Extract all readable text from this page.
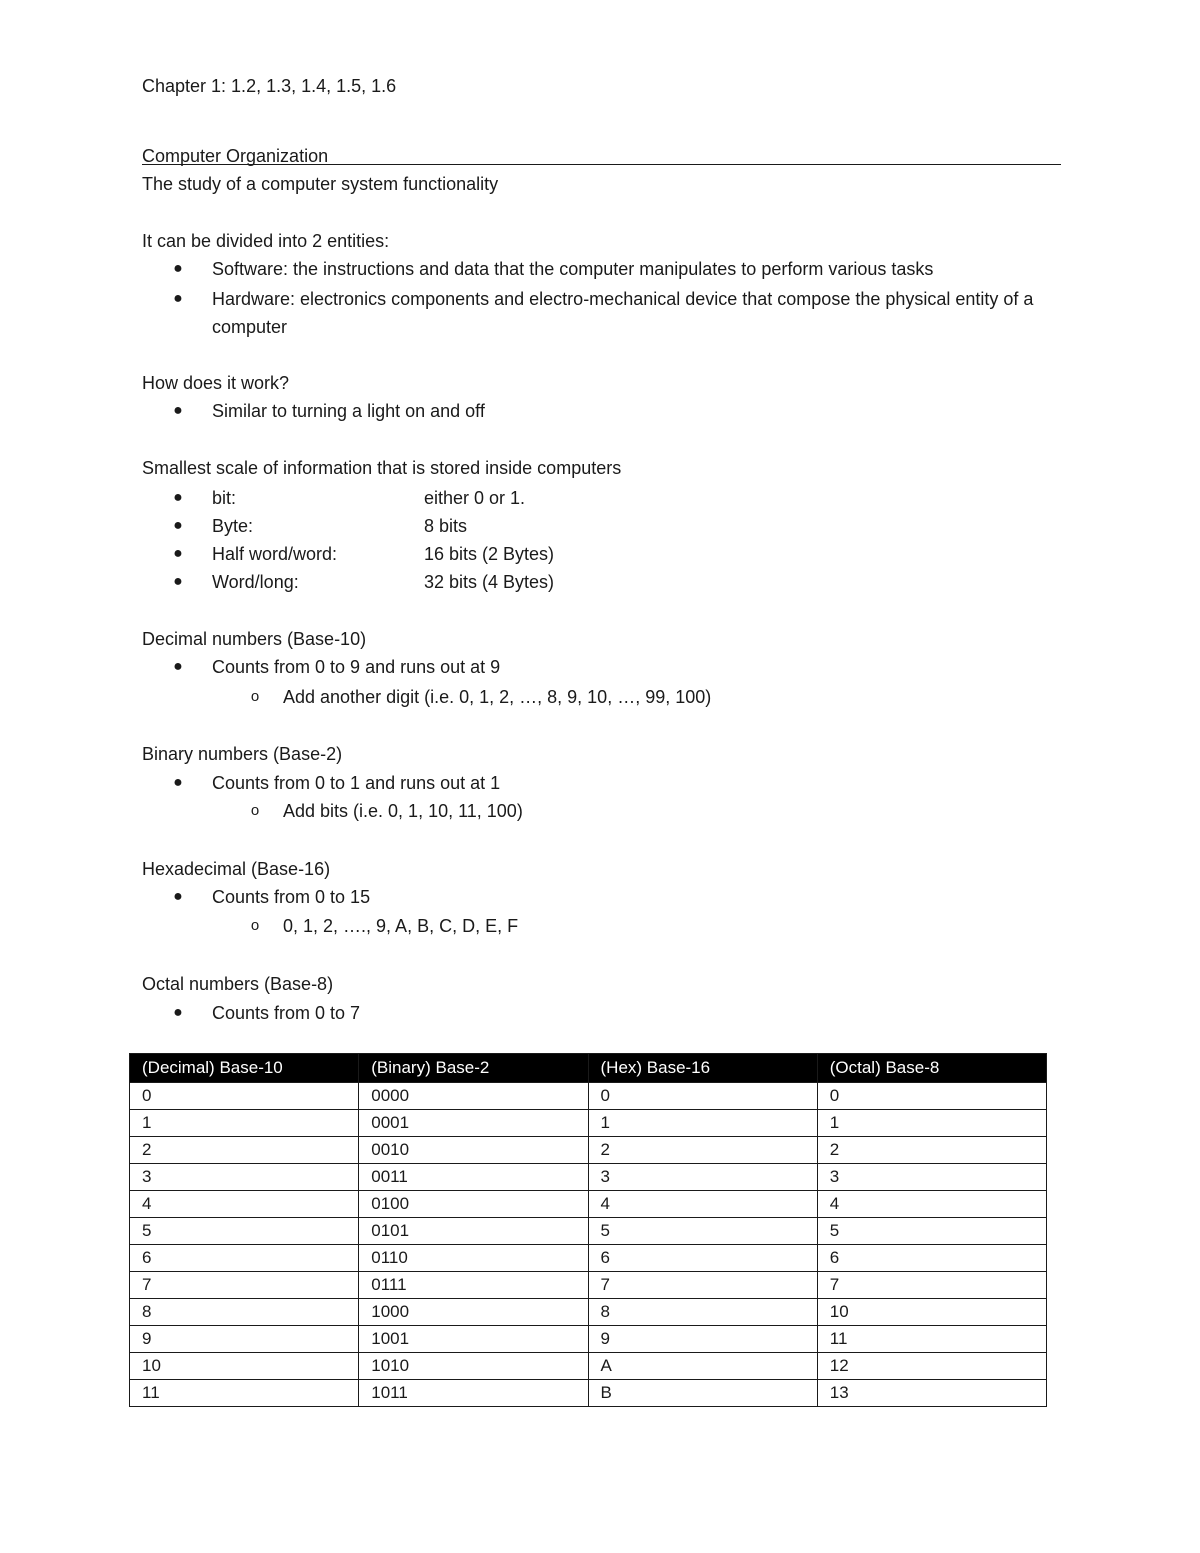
Chapter 1: 1.2, 1.3, 1.4, 1.5, 1.6
Computer Organization
The study of a computer system functionality
It can be divided into 2 entities:
● Software: the instructions and data that the computer manipulates to perform various tasks
● Hardware: electronics components and electro-mechanical device that compose the physical entity of a computer
How does it work?
● Similar to turning a light on and off
Smallest scale of information that is stored inside computers
● bit:	either 0 or 1.
● Byte:	8 bits
● Half word/word:	16 bits (2 Bytes)
● Word/long:	32 bits (4 Bytes)
Decimal numbers (Base-10)
● Counts from 0 to 9 and runs out at 9
o Add another digit (i.e. 0, 1, 2, …, 8, 9, 10, …, 99, 100)
Binary numbers (Base-2)
● Counts from 0 to 1 and runs out at 1
o Add bits (i.e. 0, 1, 10, 11, 100)
Hexadecimal (Base-16)
● Counts from 0 to 15
o 0, 1, 2, …., 9, A, B, C, D, E, F
Octal numbers (Base-8)
● Counts from 0 to 7
(Decimal) Base-10	(Binary) Base-2	(Hex) Base-16	(Octal) Base-8
0	0000	0	0
1	0001	1	1
2	0010	2	2
3	0011	3	3
4	0100	4	4
5	0101	5	5
6	0110	6	6
7	0111	7	7
8	1000	8	10
9	1001	9	11
10	1010	A	12
11	1011	B	13
